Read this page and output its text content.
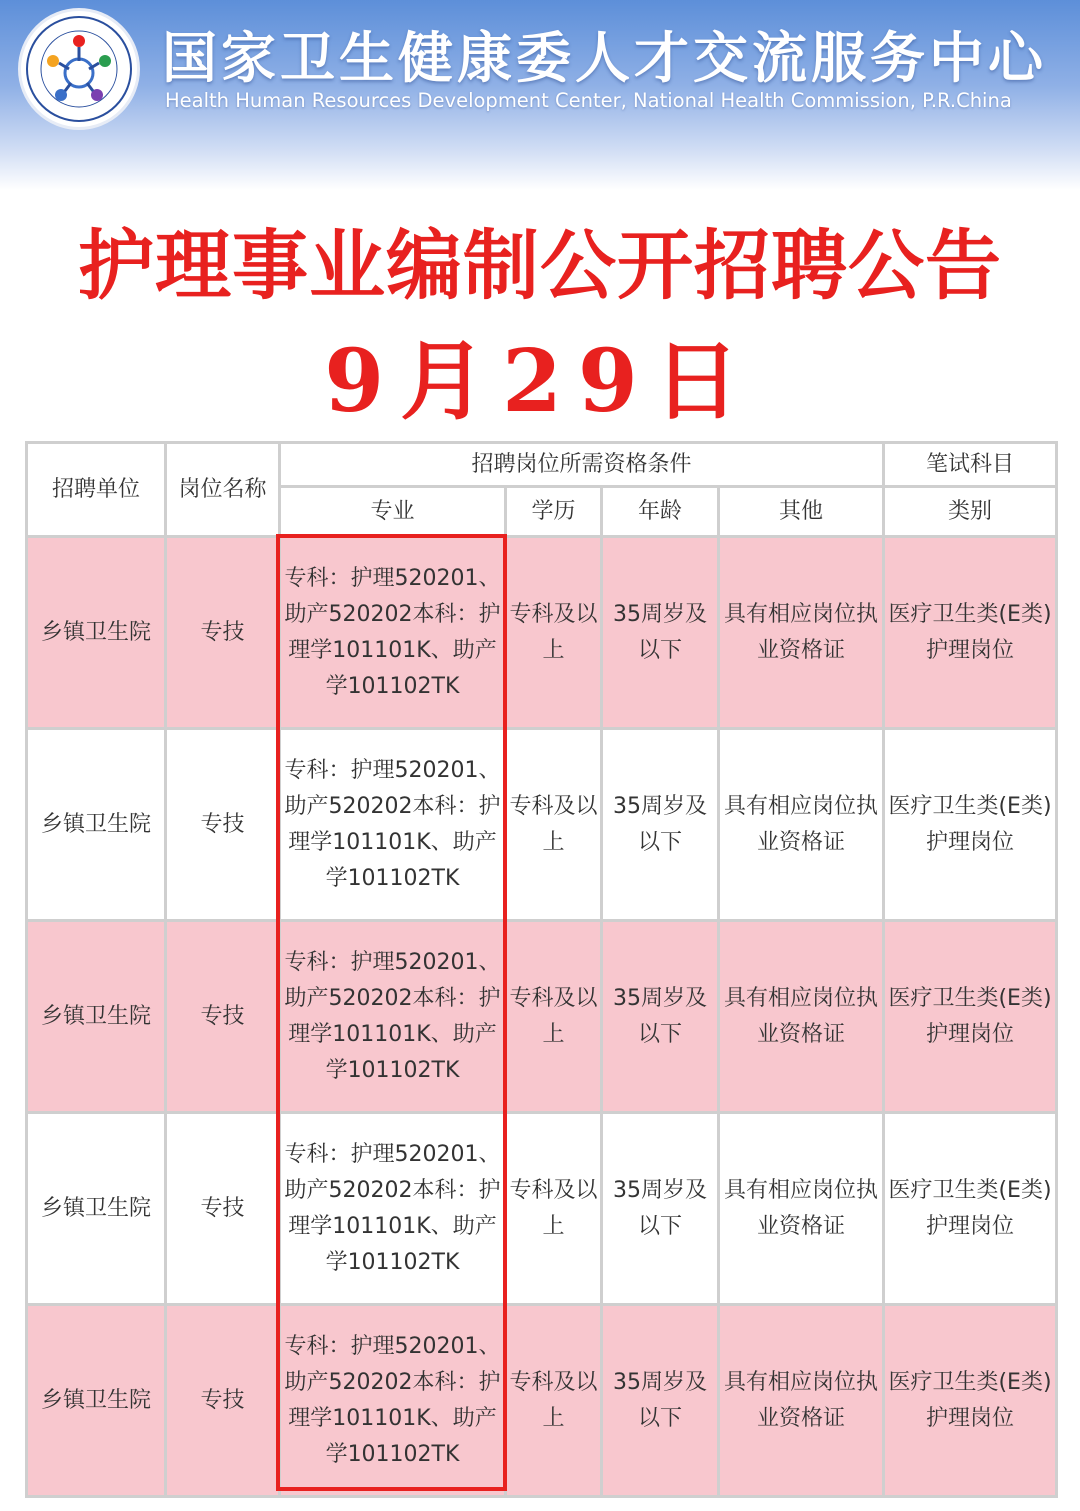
国家卫生健康委人才交流服务中心
Health Human Resources Development Center, National Health Commission, P.R.China
护理事业编制公开招聘公告
9月29日
招聘单位	岗位名称	招聘岗位所需资格条件				笔试科目
		专业	学历	年龄	其他	类别
乡镇卫生院	专技	专科：护理520201、助产520202本科：护理学101101K、助产学101102TK	专科及以上	35周岁及以下	具有相应岗位执业资格证	医疗卫生类(E类)护理岗位
乡镇卫生院	专技	专科：护理520201、助产520202本科：护理学101101K、助产学101102TK	专科及以上	35周岁及以下	具有相应岗位执业资格证	医疗卫生类(E类)护理岗位
乡镇卫生院	专技	专科：护理520201、助产520202本科：护理学101101K、助产学101102TK	专科及以上	35周岁及以下	具有相应岗位执业资格证	医疗卫生类(E类)护理岗位
乡镇卫生院	专技	专科：护理520201、助产520202本科：护理学101101K、助产学101102TK	专科及以上	35周岁及以下	具有相应岗位执业资格证	医疗卫生类(E类)护理岗位
乡镇卫生院	专技	专科：护理520201、助产520202本科：护理学101101K、助产学101102TK	专科及以上	35周岁及以下	具有相应岗位执业资格证	医疗卫生类(E类)护理岗位
